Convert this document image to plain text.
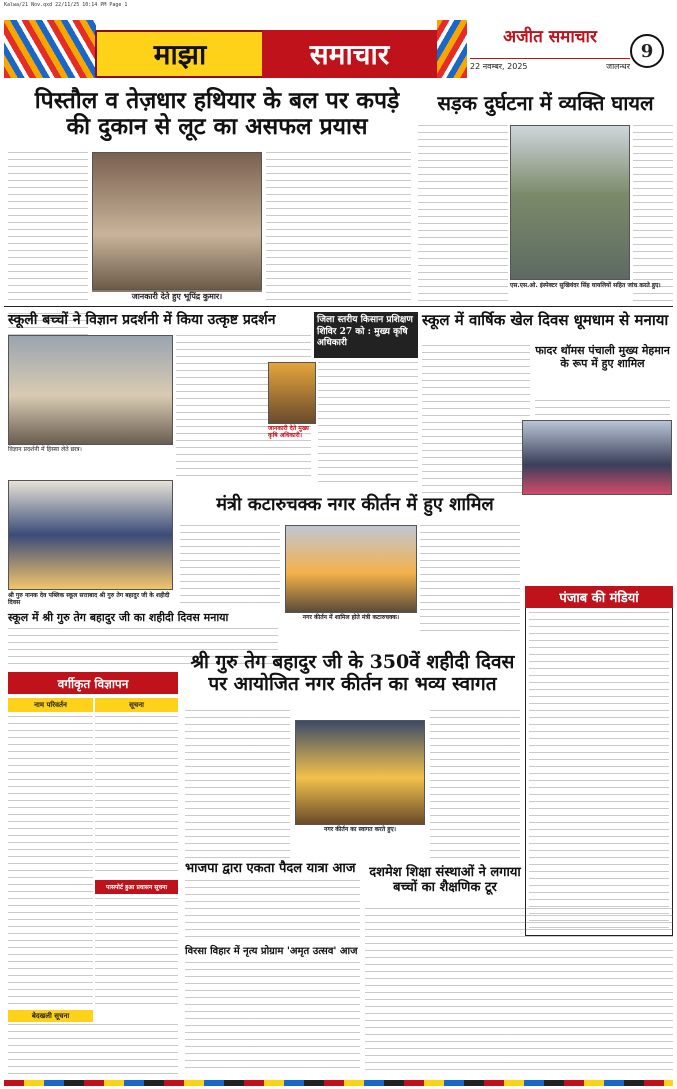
Kalwa/21 Nov.qxd 22/11/25 10:14 PM Page 1
माझा	समाचार
अजीत समाचार
22 नवम्बर, 2025	जालन्धर
9
पिस्तौल व तेज़धार हथियार के बल पर कपड़े की दुकान से लूट का असफल प्रयास
जानकारी देते हुए भूपिंद्र कुमार।
सड़क दुर्घटना में व्यक्ति घायल
एस.एस.ओ. इंस्पेक्टर सुखिवंदर सिंह घायलियों सहित जांच करते हुए।
स्कूली बच्चों ने विज्ञान प्रदर्शनी में किया उत्कृष्ट प्रदर्शन
विज्ञान प्रदर्शनी में हिस्सा लेते छात्र।
जिला स्तरीय किसान प्रशिक्षण शिविर 27 को : मुख्य कृषि अधिकारी
जानकारी देते मुख्य कृषि अधिकारी।
स्कूल में वार्षिक खेल दिवस धूमधाम से मनाया
फादर थॉमस पंचाली मुख्य मेहमान के रूप में हुए शामिल
मंत्री कटारुचक्क नगर कीर्तन में हुए शामिल
श्री गुरु नानक देव पब्लिक स्कूल सत्ताबाद श्री गुरु तेग बहादुर जी के शहीदी दिवस
नगर कीर्तन में शामिल होते मंत्री कटारुचक्क।
स्कूल में श्री गुरु तेग बहादुर जी का शहीदी दिवस मनाया
पंजाब की मंडियां
वर्गीकृत विज्ञापन
नाम परिवर्तन	सूचना
पासपोर्ट हुआ प्रवासन सूचना
बेदखली सूचना
श्री गुरु तेग बहादुर जी के 350वें शहीदी दिवस पर आयोजित नगर कीर्तन का भव्य स्वागत
नगर कीर्तन का स्वागत करते हुए।
भाजपा द्वारा एकता पैदल यात्रा आज
विरसा विहार में नृत्य प्रोग्राम 'अमृत उत्सव' आज
दशमेश शिक्षा संस्थाओं ने लगाया बच्चों का शैक्षणिक टूर
